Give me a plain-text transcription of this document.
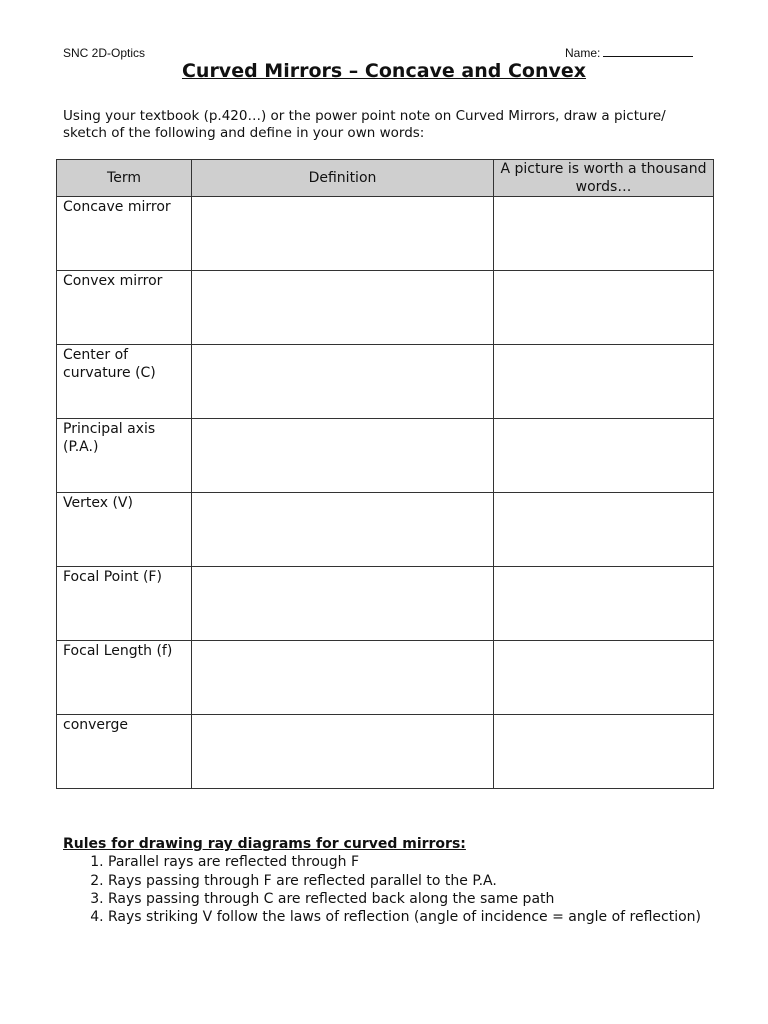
SNC 2D-Optics	Name:
Curved Mirrors – Concave and Convex
Using your textbook (p.420…) or the power point note on Curved Mirrors, draw a picture/ sketch of the following and define in your own words:
Term	Definition	A picture is worth a thousand words…
Concave mirror		
Convex mirror		
Center of curvature (C)		
Principal axis (P.A.)		
Vertex (V)		
Focal Point (F)		
Focal Length (f)		
converge		
Rules for drawing ray diagrams for curved mirrors:
1. Parallel rays are reflected through F
2. Rays passing through F are reflected parallel to the P.A.
3. Rays passing through C are reflected back along the same path
4. Rays striking V follow the laws of reflection (angle of incidence = angle of reflection)
